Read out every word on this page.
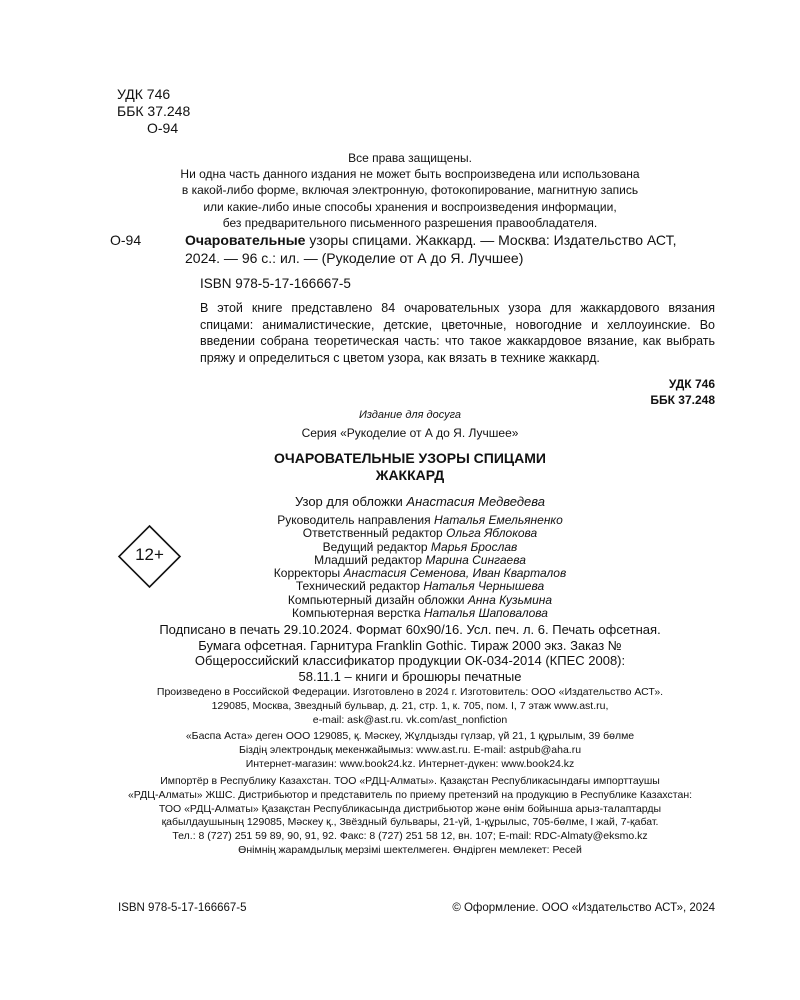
УДК 746
ББК 37.248
О-94
Все права защищены.
Ни одна часть данного издания не может быть воспроизведена или использована
в какой-либо форме, включая электронную, фотокопирование, магнитную запись
или какие-либо иные способы хранения и воспроизведения информации,
без предварительного письменного разрешения правообладателя.
О-94	Очаровательные узоры спицами. Жаккард. — Москва: Издательство АСТ, 2024. — 96 с.: ил. — (Рукоделие от А до Я. Лучшее)
ISBN 978-5-17-166667-5
В этой книге представлено 84 очаровательных узора для жаккардового вязания спицами: анималистические, детские, цветочные, новогодние и хеллоуинские. Во введении собрана теоретическая часть: что такое жаккардовое вязание, как выбрать пряжу и определиться с цветом узора, как вязать в технике жаккард.
УДК 746
ББК 37.248
Издание для досуга
Серия «Рукоделие от А до Я. Лучшее»
ОЧАРОВАТЕЛЬНЫЕ УЗОРЫ СПИЦАМИ
ЖАККАРД
12+
Узор для обложки Анастасия Медведева
Руководитель направления Наталья Емельяненко
Ответственный редактор Ольга Яблокова
Ведущий редактор Марья Брослав
Младший редактор Марина Сингаева
Корректоры Анастасия Семенова, Иван Кварталов
Технический редактор Наталья Чернышева
Компьютерный дизайн обложки Анна Кузьмина
Компьютерная верстка Наталья Шаповалова
Подписано в печать 29.10.2024. Формат 60х90/16. Усл. печ. л. 6. Печать офсетная.
Бумага офсетная. Гарнитура Franklin Gothic. Тираж 2000 экз. Заказ №
Общероссийский классификатор продукции ОК-034-2014 (КПЕС 2008):
58.11.1 – книги и брошюры печатные
Произведено в Российской Федерации. Изготовлено в 2024 г. Изготовитель: ООО «Издательство АСТ».
129085, Москва, Звездный бульвар, д. 21, стр. 1, к. 705, пом. I, 7 этаж www.ast.ru,
e-mail: ask@ast.ru. vk.com/ast_nonfiction
«Баспа Аста» деген ООО 129085, қ. Мәскеу, Жұлдызды гүлзар, үй 21, 1 құрылым, 39 бөлме
Біздің электрондық мекенжайымыз: www.ast.ru. E-mail: astpub@aha.ru
Интернет-магазин: www.book24.kz. Интернет-дүкен: www.book24.kz
Импортёр в Республику Казахстан. ТОО «РДЦ-Алматы». Қазақстан Республикасындағы импорттаушы
«РДЦ-Алматы» ЖШС. Дистрибьютор и представитель по приему претензий на продукцию в Республике Казахстан:
ТОО «РДЦ-Алматы» Қазақстан Республикасында дистрибьютор және өнім бойынша арыз-талаптарды
қабылдаушының 129085, Мәскеу қ., Звёздный бульвары, 21-үй, 1-құрылыс, 705-бөлме, I жай, 7-қабат.
Тел.: 8 (727) 251 59 89, 90, 91, 92. Факс: 8 (727) 251 58 12, вн. 107; E-mail: RDC-Almaty@eksmo.kz
Өнімнің жарамдылық мерзімі шектелмеген. Өндірген мемлекет: Ресей
ISBN 978-5-17-166667-5	© Оформление. ООО «Издательство АСТ», 2024
